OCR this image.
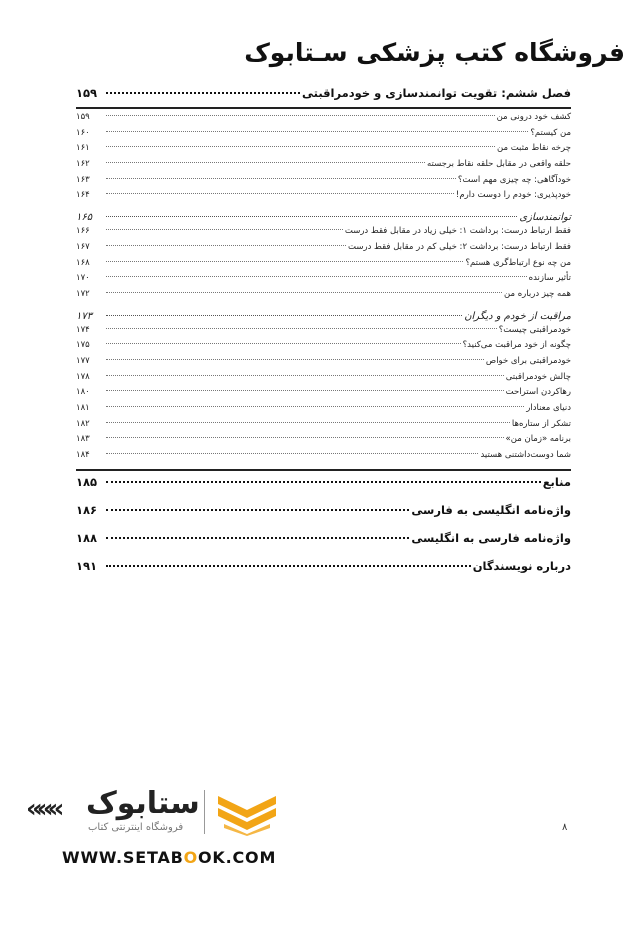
فروشگاه کتب پزشکی سـتابوک
فصل ششم: تقویت توانمندسازی و خودمراقبتی
۱۵۹
کشف خود درونی من
۱۵۹
من کیستم؟
۱۶۰
چرخه نقاط مثبت من
۱۶۱
حلقه واقعی در مقابل حلقه نقاط برجسته
۱۶۲
خودآگاهی: چه چیزی مهم است؟
۱۶۳
خودپذیری: خودم را دوست دارم!
۱۶۴
توانمندسازی
۱۶۵
فقط ارتباط درست: برداشت ۱: خیلی زیاد در مقابل فقط درست
۱۶۶
فقط ارتباط درست: برداشت ۲: خیلی کم در مقابل فقط درست
۱۶۷
من چه نوع ارتباط‌گری هستم؟
۱۶۸
تأثیر سازنده
۱۷۰
همه چیز درباره من
۱۷۲
مراقبت از خودم و دیگران
۱۷۳
خودمراقبتی چیست؟
۱۷۴
چگونه از خود مراقبت می‌کنید؟
۱۷۵
خودمراقبتی برای خواص
۱۷۷
چالش خودمراقبتی
۱۷۸
رهاکردن استراحت
۱۸۰
دنیای معنادار
۱۸۱
تشکر از ستاره‌ها
۱۸۲
برنامه «زمان من»
۱۸۳
شما دوست‌داشتنی هستید
۱۸۴
منابع
۱۸۵
واژه‌نامه انگلیسی به فارسی
۱۸۶
واژه‌نامه فارسی به انگلیسی
۱۸۸
درباره نویسندگان
۱۹۱
۸
««« ستابوک
فروشگاه اینترنتی کتاب
WWW.SETABOOK.COM
